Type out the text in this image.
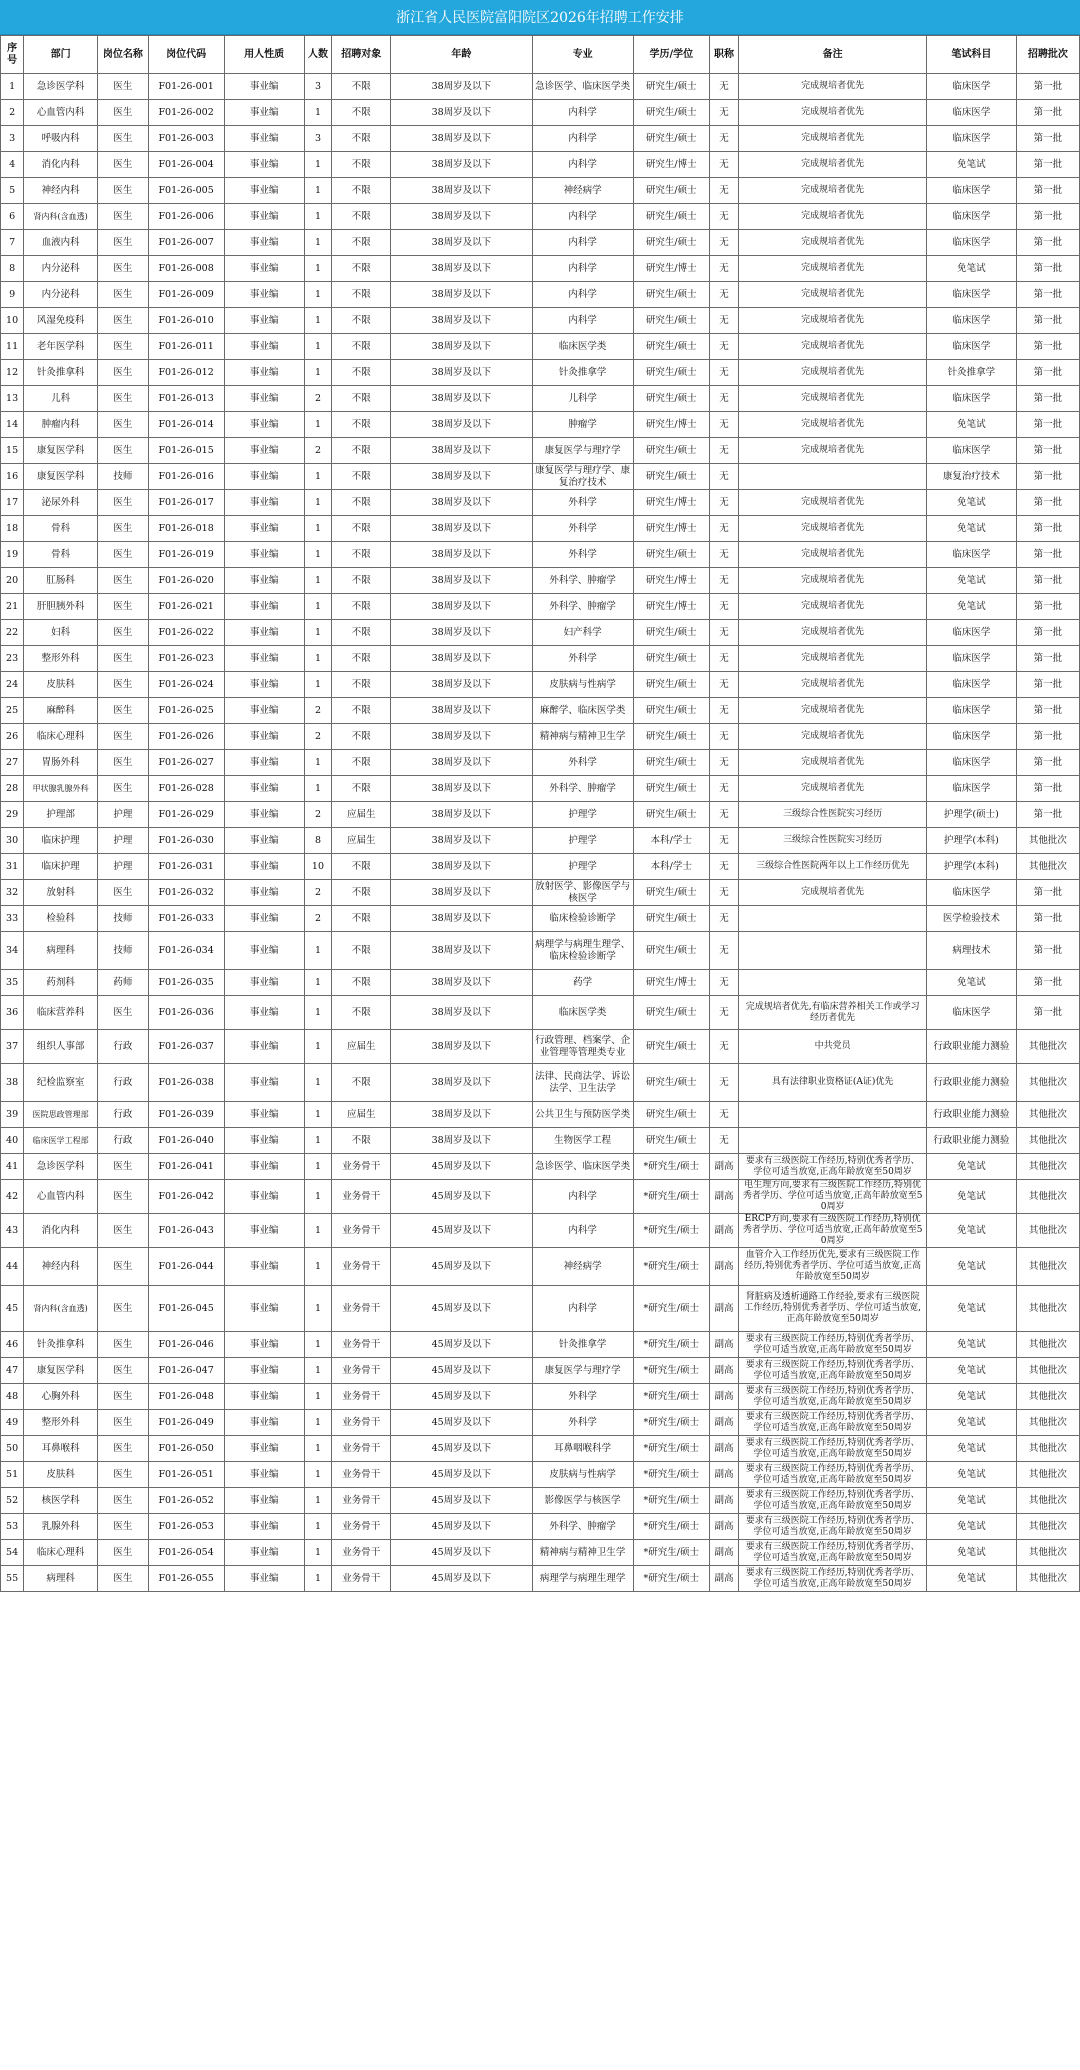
浙江省人民医院富阳院区2026年招聘工作安排
序号	部门	岗位名称	岗位代码	用人性质	人数	招聘对象	年龄	专业	学历/学位	职称	备注	笔试科目	招聘批次
1	急诊医学科	医生	F01-26-001	事业编	3	不限	38周岁及以下	急诊医学、临床医学类	研究生/硕士	无	完成规培者优先	临床医学	第一批
2	心血管内科	医生	F01-26-002	事业编	1	不限	38周岁及以下	内科学	研究生/硕士	无	完成规培者优先	临床医学	第一批
3	呼吸内科	医生	F01-26-003	事业编	3	不限	38周岁及以下	内科学	研究生/硕士	无	完成规培者优先	临床医学	第一批
4	消化内科	医生	F01-26-004	事业编	1	不限	38周岁及以下	内科学	研究生/博士	无	完成规培者优先	免笔试	第一批
5	神经内科	医生	F01-26-005	事业编	1	不限	38周岁及以下	神经病学	研究生/硕士	无	完成规培者优先	临床医学	第一批
6	肾内科(含血透)	医生	F01-26-006	事业编	1	不限	38周岁及以下	内科学	研究生/硕士	无	完成规培者优先	临床医学	第一批
7	血液内科	医生	F01-26-007	事业编	1	不限	38周岁及以下	内科学	研究生/硕士	无	完成规培者优先	临床医学	第一批
8	内分泌科	医生	F01-26-008	事业编	1	不限	38周岁及以下	内科学	研究生/博士	无	完成规培者优先	免笔试	第一批
9	内分泌科	医生	F01-26-009	事业编	1	不限	38周岁及以下	内科学	研究生/硕士	无	完成规培者优先	临床医学	第一批
10	风湿免疫科	医生	F01-26-010	事业编	1	不限	38周岁及以下	内科学	研究生/硕士	无	完成规培者优先	临床医学	第一批
11	老年医学科	医生	F01-26-011	事业编	1	不限	38周岁及以下	临床医学类	研究生/硕士	无	完成规培者优先	临床医学	第一批
12	针灸推拿科	医生	F01-26-012	事业编	1	不限	38周岁及以下	针灸推拿学	研究生/硕士	无	完成规培者优先	针灸推拿学	第一批
13	儿科	医生	F01-26-013	事业编	2	不限	38周岁及以下	儿科学	研究生/硕士	无	完成规培者优先	临床医学	第一批
14	肿瘤内科	医生	F01-26-014	事业编	1	不限	38周岁及以下	肿瘤学	研究生/博士	无	完成规培者优先	免笔试	第一批
15	康复医学科	医生	F01-26-015	事业编	2	不限	38周岁及以下	康复医学与理疗学	研究生/硕士	无	完成规培者优先	临床医学	第一批
16	康复医学科	技师	F01-26-016	事业编	1	不限	38周岁及以下	康复医学与理疗学、康复治疗技术	研究生/硕士	无		康复治疗技术	第一批
17	泌尿外科	医生	F01-26-017	事业编	1	不限	38周岁及以下	外科学	研究生/博士	无	完成规培者优先	免笔试	第一批
18	骨科	医生	F01-26-018	事业编	1	不限	38周岁及以下	外科学	研究生/博士	无	完成规培者优先	免笔试	第一批
19	骨科	医生	F01-26-019	事业编	1	不限	38周岁及以下	外科学	研究生/硕士	无	完成规培者优先	临床医学	第一批
20	肛肠科	医生	F01-26-020	事业编	1	不限	38周岁及以下	外科学、肿瘤学	研究生/博士	无	完成规培者优先	免笔试	第一批
21	肝胆胰外科	医生	F01-26-021	事业编	1	不限	38周岁及以下	外科学、肿瘤学	研究生/博士	无	完成规培者优先	免笔试	第一批
22	妇科	医生	F01-26-022	事业编	1	不限	38周岁及以下	妇产科学	研究生/硕士	无	完成规培者优先	临床医学	第一批
23	整形外科	医生	F01-26-023	事业编	1	不限	38周岁及以下	外科学	研究生/硕士	无	完成规培者优先	临床医学	第一批
24	皮肤科	医生	F01-26-024	事业编	1	不限	38周岁及以下	皮肤病与性病学	研究生/硕士	无	完成规培者优先	临床医学	第一批
25	麻醉科	医生	F01-26-025	事业编	2	不限	38周岁及以下	麻醉学、临床医学类	研究生/硕士	无	完成规培者优先	临床医学	第一批
26	临床心理科	医生	F01-26-026	事业编	2	不限	38周岁及以下	精神病与精神卫生学	研究生/硕士	无	完成规培者优先	临床医学	第一批
27	胃肠外科	医生	F01-26-027	事业编	1	不限	38周岁及以下	外科学	研究生/硕士	无	完成规培者优先	临床医学	第一批
28	甲状腺乳腺外科	医生	F01-26-028	事业编	1	不限	38周岁及以下	外科学、肿瘤学	研究生/硕士	无	完成规培者优先	临床医学	第一批
29	护理部	护理	F01-26-029	事业编	2	应届生	38周岁及以下	护理学	研究生/硕士	无	三级综合性医院实习经历	护理学(硕士)	第一批
30	临床护理	护理	F01-26-030	事业编	8	应届生	38周岁及以下	护理学	本科/学士	无	三级综合性医院实习经历	护理学(本科)	其他批次
31	临床护理	护理	F01-26-031	事业编	10	不限	38周岁及以下	护理学	本科/学士	无	三级综合性医院两年以上工作经历优先	护理学(本科)	其他批次
32	放射科	医生	F01-26-032	事业编	2	不限	38周岁及以下	放射医学、影像医学与核医学	研究生/硕士	无	完成规培者优先	临床医学	第一批
33	检验科	技师	F01-26-033	事业编	2	不限	38周岁及以下	临床检验诊断学	研究生/硕士	无		医学检验技术	第一批
34	病理科	技师	F01-26-034	事业编	1	不限	38周岁及以下	病理学与病理生理学、临床检验诊断学	研究生/硕士	无		病理技术	第一批
35	药剂科	药师	F01-26-035	事业编	1	不限	38周岁及以下	药学	研究生/博士	无		免笔试	第一批
36	临床营养科	医生	F01-26-036	事业编	1	不限	38周岁及以下	临床医学类	研究生/硕士	无	完成规培者优先,有临床营养相关工作或学习经历者优先	临床医学	第一批
37	组织人事部	行政	F01-26-037	事业编	1	应届生	38周岁及以下	行政管理、档案学、企业管理等管理类专业	研究生/硕士	无	中共党员	行政职业能力测验	其他批次
38	纪检监察室	行政	F01-26-038	事业编	1	不限	38周岁及以下	法律、民商法学、诉讼法学、卫生法学	研究生/硕士	无	具有法律职业资格证(A证)优先	行政职业能力测验	其他批次
39	医院思政管理部	行政	F01-26-039	事业编	1	应届生	38周岁及以下	公共卫生与预防医学类	研究生/硕士	无		行政职业能力测验	其他批次
40	临床医学工程部	行政	F01-26-040	事业编	1	不限	38周岁及以下	生物医学工程	研究生/硕士	无		行政职业能力测验	其他批次
41	急诊医学科	医生	F01-26-041	事业编	1	业务骨干	45周岁及以下	急诊医学、临床医学类	*研究生/硕士	副高	要求有三级医院工作经历,特别优秀者学历、学位可适当放宽,正高年龄放宽至50周岁	免笔试	其他批次
42	心血管内科	医生	F01-26-042	事业编	1	业务骨干	45周岁及以下	内科学	*研究生/硕士	副高	电生理方向,要求有三级医院工作经历,特别优秀者学历、学位可适当放宽,正高年龄放宽至50周岁	免笔试	其他批次
43	消化内科	医生	F01-26-043	事业编	1	业务骨干	45周岁及以下	内科学	*研究生/硕士	副高	ERCP方向,要求有三级医院工作经历,特别优秀者学历、学位可适当放宽,正高年龄放宽至50周岁	免笔试	其他批次
44	神经内科	医生	F01-26-044	事业编	1	业务骨干	45周岁及以下	神经病学	*研究生/硕士	副高	血管介入工作经历优先,要求有三级医院工作经历,特别优秀者学历、学位可适当放宽,正高年龄放宽至50周岁	免笔试	其他批次
45	肾内科(含血透)	医生	F01-26-045	事业编	1	业务骨干	45周岁及以下	内科学	*研究生/硕士	副高	肾脏病及透析通路工作经验,要求有三级医院工作经历,特别优秀者学历、学位可适当放宽,正高年龄放宽至50周岁	免笔试	其他批次
46	针灸推拿科	医生	F01-26-046	事业编	1	业务骨干	45周岁及以下	针灸推拿学	*研究生/硕士	副高	要求有三级医院工作经历,特别优秀者学历、学位可适当放宽,正高年龄放宽至50周岁	免笔试	其他批次
47	康复医学科	医生	F01-26-047	事业编	1	业务骨干	45周岁及以下	康复医学与理疗学	*研究生/硕士	副高	要求有三级医院工作经历,特别优秀者学历、学位可适当放宽,正高年龄放宽至50周岁	免笔试	其他批次
48	心胸外科	医生	F01-26-048	事业编	1	业务骨干	45周岁及以下	外科学	*研究生/硕士	副高	要求有三级医院工作经历,特别优秀者学历、学位可适当放宽,正高年龄放宽至50周岁	免笔试	其他批次
49	整形外科	医生	F01-26-049	事业编	1	业务骨干	45周岁及以下	外科学	*研究生/硕士	副高	要求有三级医院工作经历,特别优秀者学历、学位可适当放宽,正高年龄放宽至50周岁	免笔试	其他批次
50	耳鼻喉科	医生	F01-26-050	事业编	1	业务骨干	45周岁及以下	耳鼻咽喉科学	*研究生/硕士	副高	要求有三级医院工作经历,特别优秀者学历、学位可适当放宽,正高年龄放宽至50周岁	免笔试	其他批次
51	皮肤科	医生	F01-26-051	事业编	1	业务骨干	45周岁及以下	皮肤病与性病学	*研究生/硕士	副高	要求有三级医院工作经历,特别优秀者学历、学位可适当放宽,正高年龄放宽至50周岁	免笔试	其他批次
52	核医学科	医生	F01-26-052	事业编	1	业务骨干	45周岁及以下	影像医学与核医学	*研究生/硕士	副高	要求有三级医院工作经历,特别优秀者学历、学位可适当放宽,正高年龄放宽至50周岁	免笔试	其他批次
53	乳腺外科	医生	F01-26-053	事业编	1	业务骨干	45周岁及以下	外科学、肿瘤学	*研究生/硕士	副高	要求有三级医院工作经历,特别优秀者学历、学位可适当放宽,正高年龄放宽至50周岁	免笔试	其他批次
54	临床心理科	医生	F01-26-054	事业编	1	业务骨干	45周岁及以下	精神病与精神卫生学	*研究生/硕士	副高	要求有三级医院工作经历,特别优秀者学历、学位可适当放宽,正高年龄放宽至50周岁	免笔试	其他批次
55	病理科	医生	F01-26-055	事业编	1	业务骨干	45周岁及以下	病理学与病理生理学	*研究生/硕士	副高	要求有三级医院工作经历,特别优秀者学历、学位可适当放宽,正高年龄放宽至50周岁	免笔试	其他批次
